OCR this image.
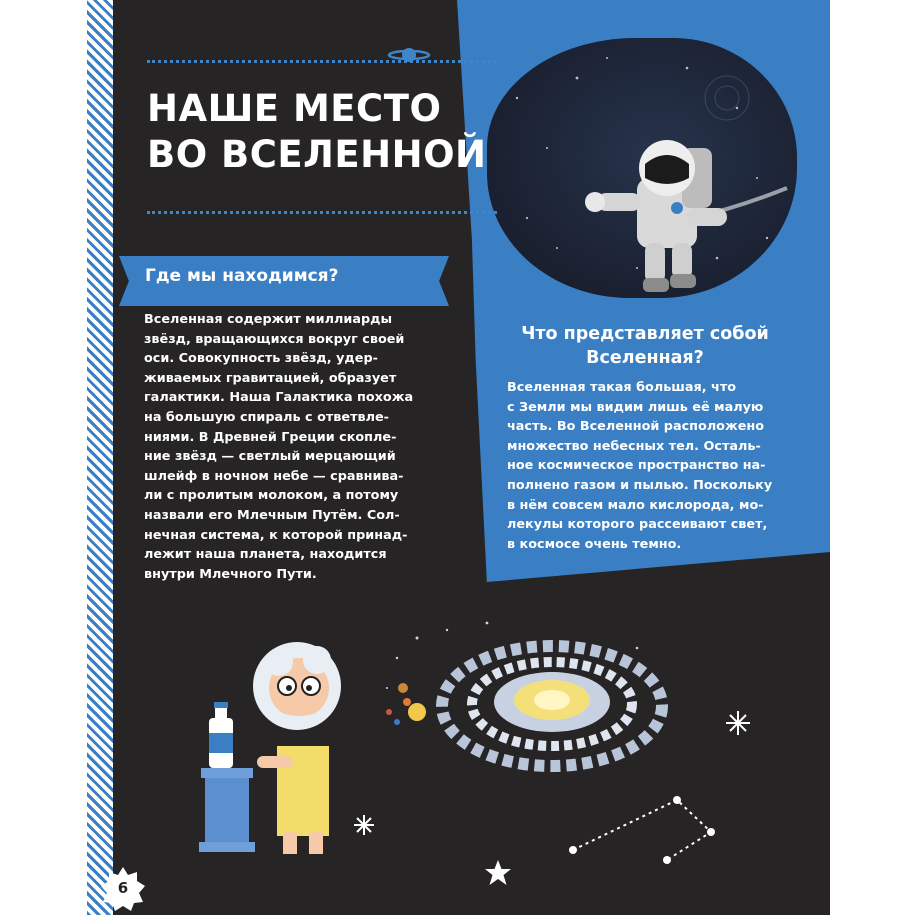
НАШЕ МЕСТО
ВО ВСЕЛЕННОЙ
Где мы находимся?
Вселенная содержит миллиарды
звёзд, вращающихся вокруг своей
оси. Совокупность звёзд, удер-
живаемых гравитацией, образует
галактики. Наша Галактика похожа
на большую спираль с ответвле-
ниями. В Древней Греции скопле-
ние звёзд — светлый мерцающий
шлейф в ночном небе — сравнива-
ли с пролитым молоком, а потому
назвали его Млечным Путём. Сол-
нечная система, к которой принад-
лежит наша планета, находится
внутри Млечного Пути.
Что представляет собой
Вселенная?
Вселенная такая большая, что
с Земли мы видим лишь её малую
часть. Во Вселенной расположено
множество небесных тел. Осталь-
ное космическое пространство на-
полнено газом и пылью. Поскольку
в нём совсем мало кислорода, мо-
лекулы которого рассеивают свет,
в космосе очень темно.
6
